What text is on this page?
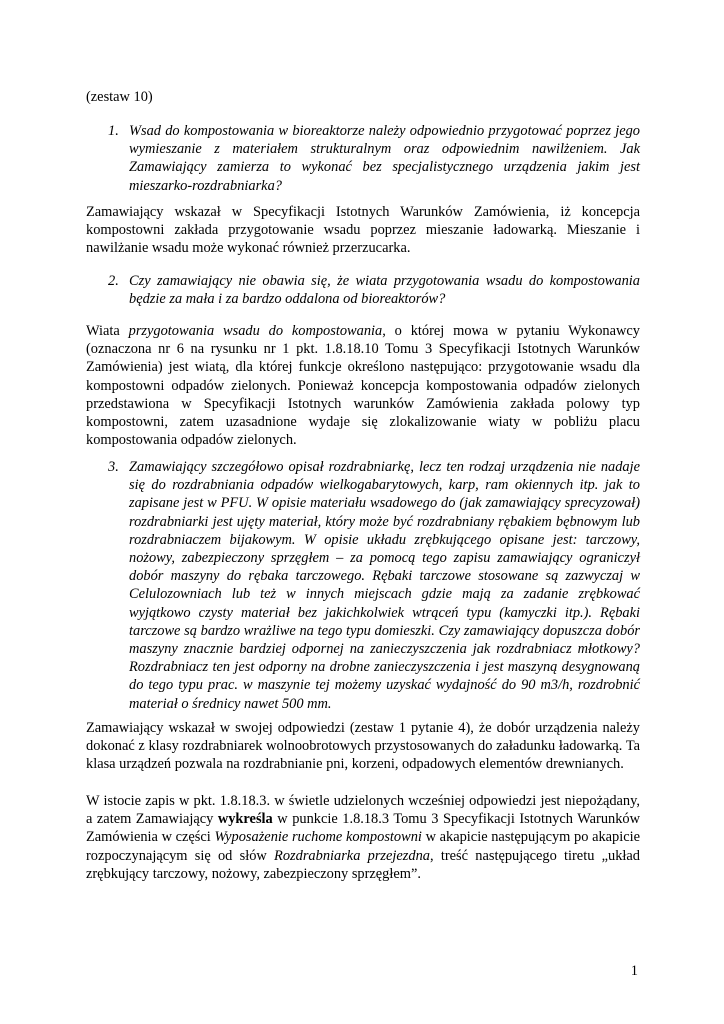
(zestaw 10)
1. Wsad do kompostowania w bioreaktorze należy odpowiednio przygotować poprzez jego wymieszanie z materiałem strukturalnym oraz odpowiednim nawilżeniem. Jak Zamawiający zamierza to wykonać bez specjalistycznego urządzenia jakim jest mieszarko-rozdrabniarka?
Zamawiający wskazał w Specyfikacji Istotnych Warunków Zamówienia, iż koncepcja kompostowni zakłada przygotowanie wsadu poprzez mieszanie ładowarką. Mieszanie i nawilżanie wsadu może wykonać również przerzucarka.
2. Czy zamawiający nie obawia się, że wiata przygotowania wsadu do kompostowania będzie za mała i za bardzo oddalona od bioreaktorów?
Wiata przygotowania wsadu do kompostowania, o której mowa w pytaniu Wykonawcy (oznaczona nr 6 na rysunku nr 1 pkt. 1.8.18.10 Tomu 3 Specyfikacji Istotnych Warunków Zamówienia) jest wiatą, dla której funkcje określono następująco: przygotowanie wsadu dla kompostowni odpadów zielonych. Ponieważ koncepcja kompostowania odpadów zielonych przedstawiona w Specyfikacji Istotnych warunków Zamówienia zakłada polowy typ kompostowni, zatem uzasadnione wydaje się zlokalizowanie wiaty w pobliżu placu kompostowania odpadów zielonych.
3. Zamawiający szczegółowo opisał rozdrabniarkę, lecz ten rodzaj urządzenia nie nadaje się do rozdrabniania odpadów wielkogabarytowych, karp, ram okiennych itp. jak to zapisane jest w PFU. W opisie materiału wsadowego do (jak zamawiający sprecyzował) rozdrabniarki jest ujęty materiał, który może być rozdrabniany rębakiem bębnowym lub rozdrabniaczem bijakowym. W opisie układu zrębkującego opisane jest: tarczowy, nożowy, zabezpieczony sprzęgłem – za pomocą tego zapisu zamawiający ograniczył dobór maszyny do rębaka tarczowego. Rębaki tarczowe stosowane są zazwyczaj w Celulozowniach lub też w innych miejscach gdzie mają za zadanie zrębkować wyjątkowo czysty materiał bez jakichkolwiek wtrąceń typu (kamyczki itp.). Rębaki tarczowe są bardzo wrażliwe na tego typu domieszki. Czy zamawiający dopuszcza dobór maszyny znacznie bardziej odpornej na zanieczyszczenia jak rozdrabniacz młotkowy? Rozdrabniacz ten jest odporny na drobne zanieczyszczenia i jest maszyną desygnowaną do tego typu prac. w maszynie tej możemy uzyskać wydajność do 90 m3/h, rozdrobnić materiał o średnicy nawet 500 mm.
Zamawiający wskazał w swojej odpowiedzi (zestaw 1 pytanie 4), że dobór urządzenia należy dokonać z klasy rozdrabniarek wolnoobrotowych przystosowanych do załadunku ładowarką. Ta klasa urządzeń pozwala na rozdrabnianie pni, korzeni, odpadowych elementów drewnianych.
W istocie zapis w pkt. 1.8.18.3. w świetle udzielonych wcześniej odpowiedzi jest niepożądany, a zatem Zamawiający wykreśla w punkcie 1.8.18.3 Tomu 3 Specyfikacji Istotnych Warunków Zamówienia w części Wyposażenie ruchome kompostowni w akapicie następującym po akapicie rozpoczynającym się od słów Rozdrabniarka przejezdna, treść następującego tiretu „układ zrębkujący tarczowy, nożowy, zabezpieczony sprzęgłem”.
1
